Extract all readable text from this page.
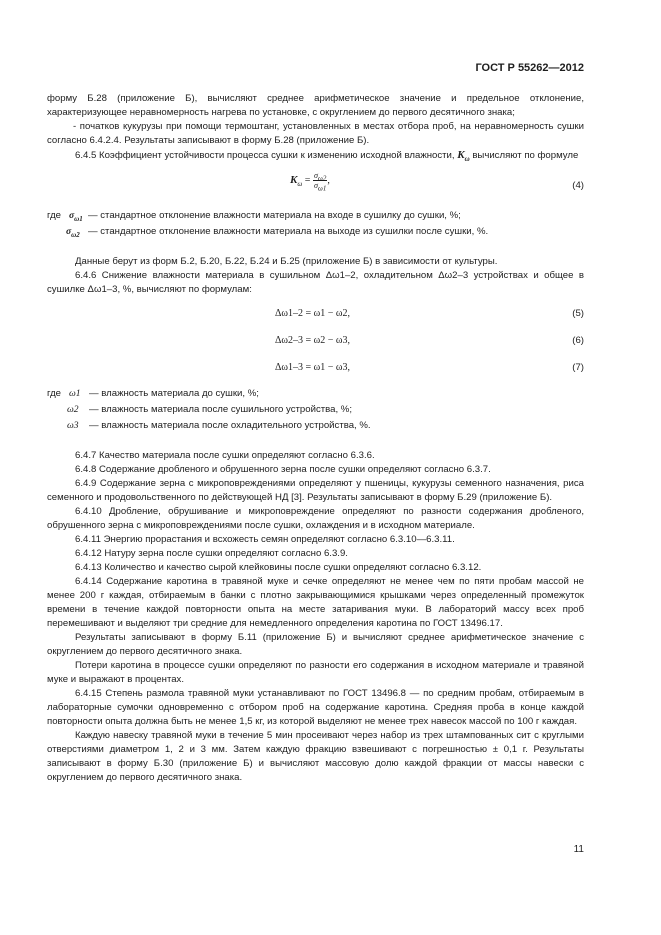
ГОСТ Р 55262—2012

форму Б.28 (приложение Б), вычисляют среднее арифметическое значение и предельное отклонение, характеризующее неравномерность нагрева по установке, с округлением до первого десятичного знака;

- початков кукурузы при помощи термоштанг, установленных в местах отбора проб, на неравномерность сушки согласно 6.4.2.4. Результаты записывают в форму Б.28 (приложение Б).

6.4.5 Коэффициент устойчивости процесса сушки к изменению исходной влажности, $K_\omega$ вычисляют по формуле

$K_\omega = \frac{\sigma_{\omega 2}}{\sigma_{\omega 1}}$ ,	(4)
где $\sigma_{\omega 1}$ — стандартное отклонение влажности материала на входе в сушилку до сушки, %;
$\sigma_{\omega 2}$ — стандартное отклонение влажности материала на выходе из сушилки после сушки, %.

Данные берут из форм Б.2, Б.20, Б.22, Б.24 и Б.25 (приложение Б) в зависимости от культуры.

6.4.6 Снижение влажности материала в сушильном Δω1–2, охладительном Δω2–3 устройствах и общее в сушилке Δω1–3, %, вычисляют по формулам:

Δω1–2 = ω1 − ω2,	(5)
Δω2–3 = ω2 − ω3,	(6)
Δω1–3 = ω1 − ω3,	(7)
где ω1 — влажность материала до сушки, %;
ω2 — влажность материала после сушильного устройства, %;
ω3 — влажность материала после охладительного устройства, %.

6.4.7 Качество материала после сушки определяют согласно 6.3.6.

6.4.8 Содержание дробленого и обрушенного зерна после сушки определяют согласно 6.3.7.

6.4.9 Содержание зерна с микроповреждениями определяют у пшеницы, кукурузы семенного назначения, риса семенного и продовольственного по действующей НД [3]. Результаты записывают в форму Б.29 (приложение Б).

6.4.10 Дробление, обрушивание и микроповреждение определяют по разности содержания дробленого, обрушенного зерна с микроповреждениями после сушки, охлаждения и в исходном материале.

6.4.11 Энергию прорастания и всхожесть семян определяют согласно 6.3.10—6.3.11.

6.4.12 Натуру зерна после сушки определяют согласно 6.3.9.

6.4.13 Количество и качество сырой клейковины после сушки определяют согласно 6.3.12.

6.4.14 Содержание каротина в травяной муке и сечке определяют не менее чем по пяти пробам массой не менее 200 г каждая, отбираемым в банки с плотно закрывающимися крышками через определенный промежуток времени в течение каждой повторности опыта на месте затаривания муки. В лабораторий массу всех проб перемешивают и выделяют три средние для немедленного определения каротина по ГОСТ 13496.17.

Результаты записывают в форму Б.11 (приложение Б) и вычисляют среднее арифметическое значение с округлением до первого десятичного знака.

Потери каротина в процессе сушки определяют по разности его содержания в исходном материале и травяной муке и выражают в процентах.

6.4.15 Степень размола травяной муки устанавливают по ГОСТ 13496.8 — по средним пробам, отбираемым в лабораторные сумочки одновременно с отбором проб на содержание каротина. Средняя проба в конце каждой повторности опыта должна быть не менее 1,5 кг, из которой выделяют не менее трех навесок массой по 100 г каждая.

Каждую навеску травяной муки в течение 5 мин просеивают через набор из трех штампованных сит с круглыми отверстиями диаметром 1, 2 и 3 мм. Затем каждую фракцию взвешивают с погрешностью ± 0,1 г. Результаты записывают в форму Б.30 (приложение Б) и вычисляют массовую долю каждой фракции от массы навески с округлением до первого десятичного знака.

11
